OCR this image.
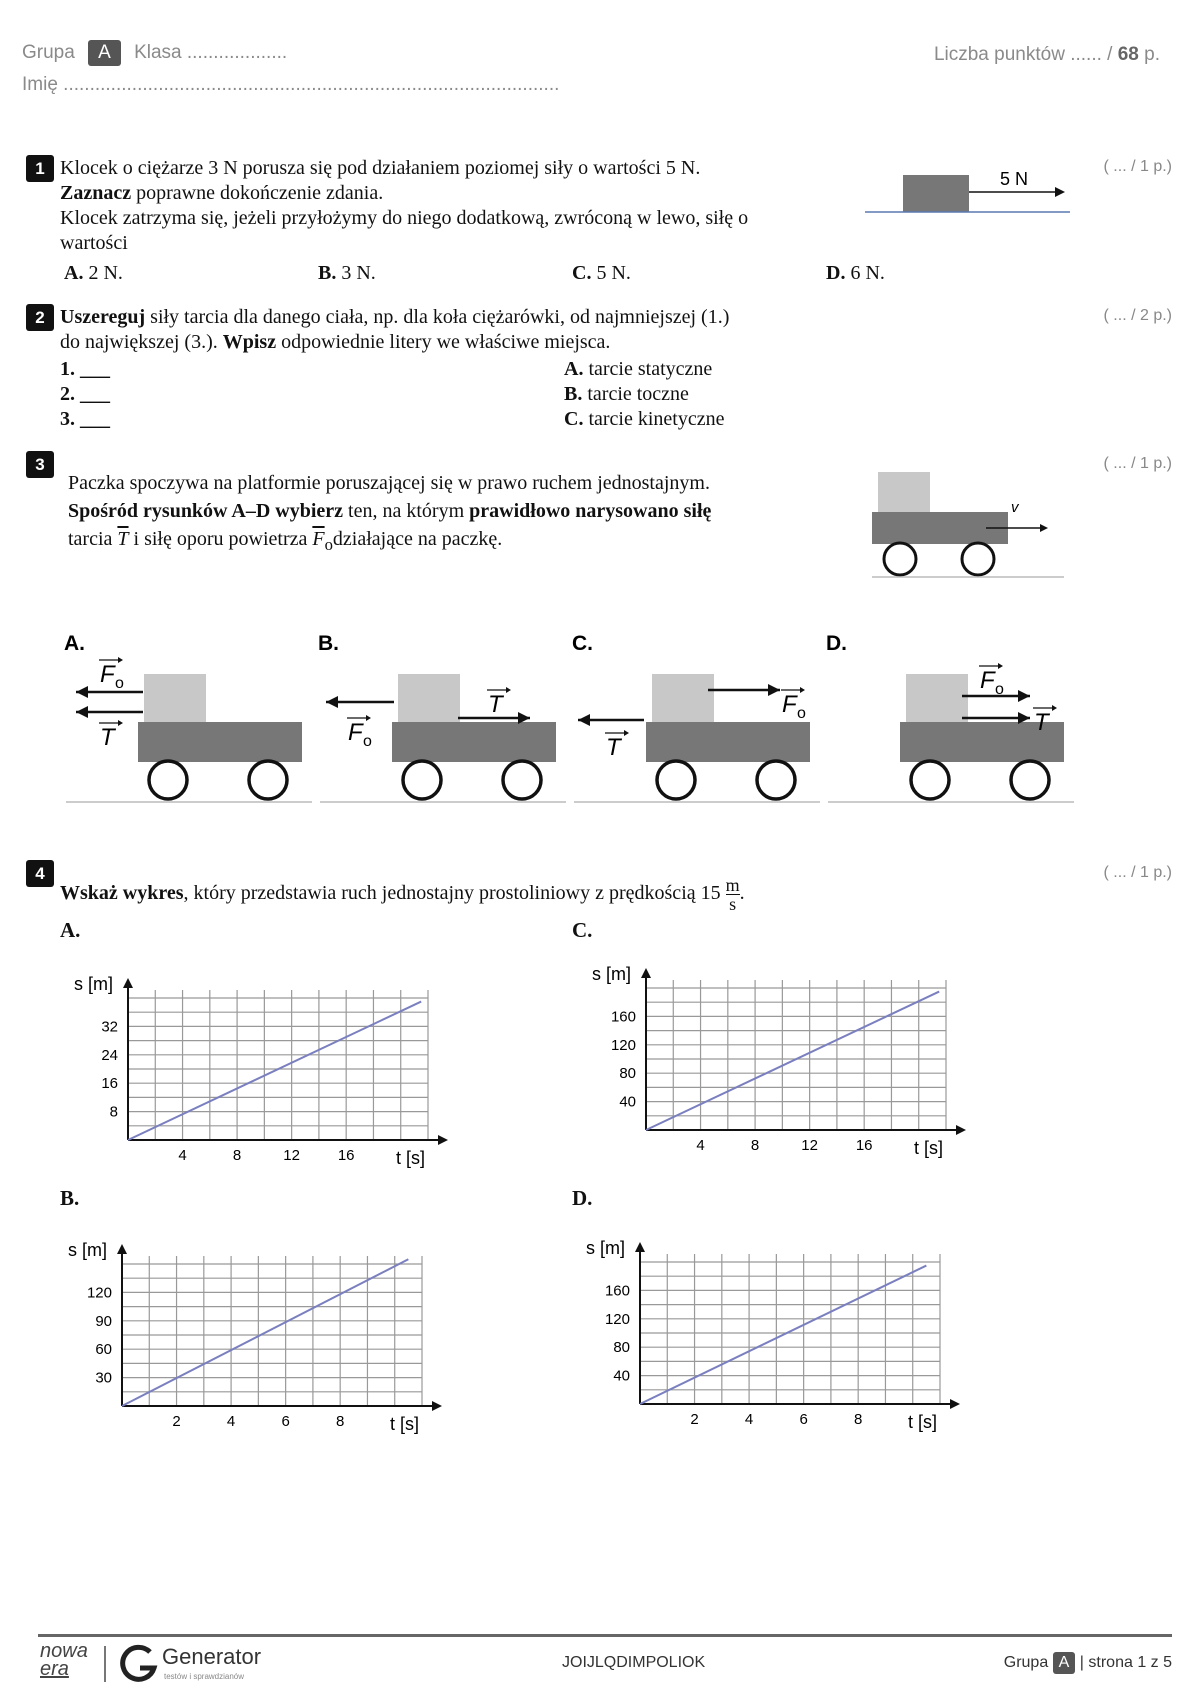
Grupa A Klasa ...................
Imię ..............................................................................................
Liczba punktów ...... / 68 p.
1	( ... / 1 p.)
Klocek o ciężarze 3 N porusza się pod działaniem poziomej siły o wartości 5 N.
Zaznacz poprawne dokończenie zdania.
Klocek zatrzyma się, jeżeli przyłożymy do niego dodatkową, zwróconą w lewo, siłę o
wartości
5 N
A. 2 N.	B. 3 N.	C. 5 N.	D. 6 N.
2	( ... / 2 p.)
Uszereguj siły tarcia dla danego ciała, np. dla koła ciężarówki, od najmniejszej (1.)
do największej (3.). Wpisz odpowiednie litery we właściwe miejsca.
1. ___
2. ___
3. ___
A. tarcie statyczne
B. tarcie toczne
C. tarcie kinetyczne
3	( ... / 1 p.)
Paczka spoczywa na platformie poruszającej się w prawo ruchem jednostajnym.
Spośród rysunków A–D wybierz ten, na którym prawidłowo narysowano siłę
tarcia $\overline{T}$ i siłę oporu powietrza $\overline{F}_odziałające$ na paczkę.
v
A.
F o
T
B.
F o
T
C.
F o
T
D.
F o
T
4	( ... / 1 p.)
Wskaż wykres, który przedstawia ruch jednostajny prostoliniowy z prędkością $15 \frac{m}{s}$ .
A.
B.
C.
D.
4	8	12	16
8
16
24
32
s [m]
t [s]
2	4	6	8
30
60
90
120
s [m]
t [s]
4	8	12	16
40
80
120
160
s [m]
t [s]
2	4	6	8
40
80
120
160
s [m]
t [s]
nowa
era	Generator
testów i sprawdzianów
JOIJLQDIMPOLIOK	Grupa A | strona 1 z 5
